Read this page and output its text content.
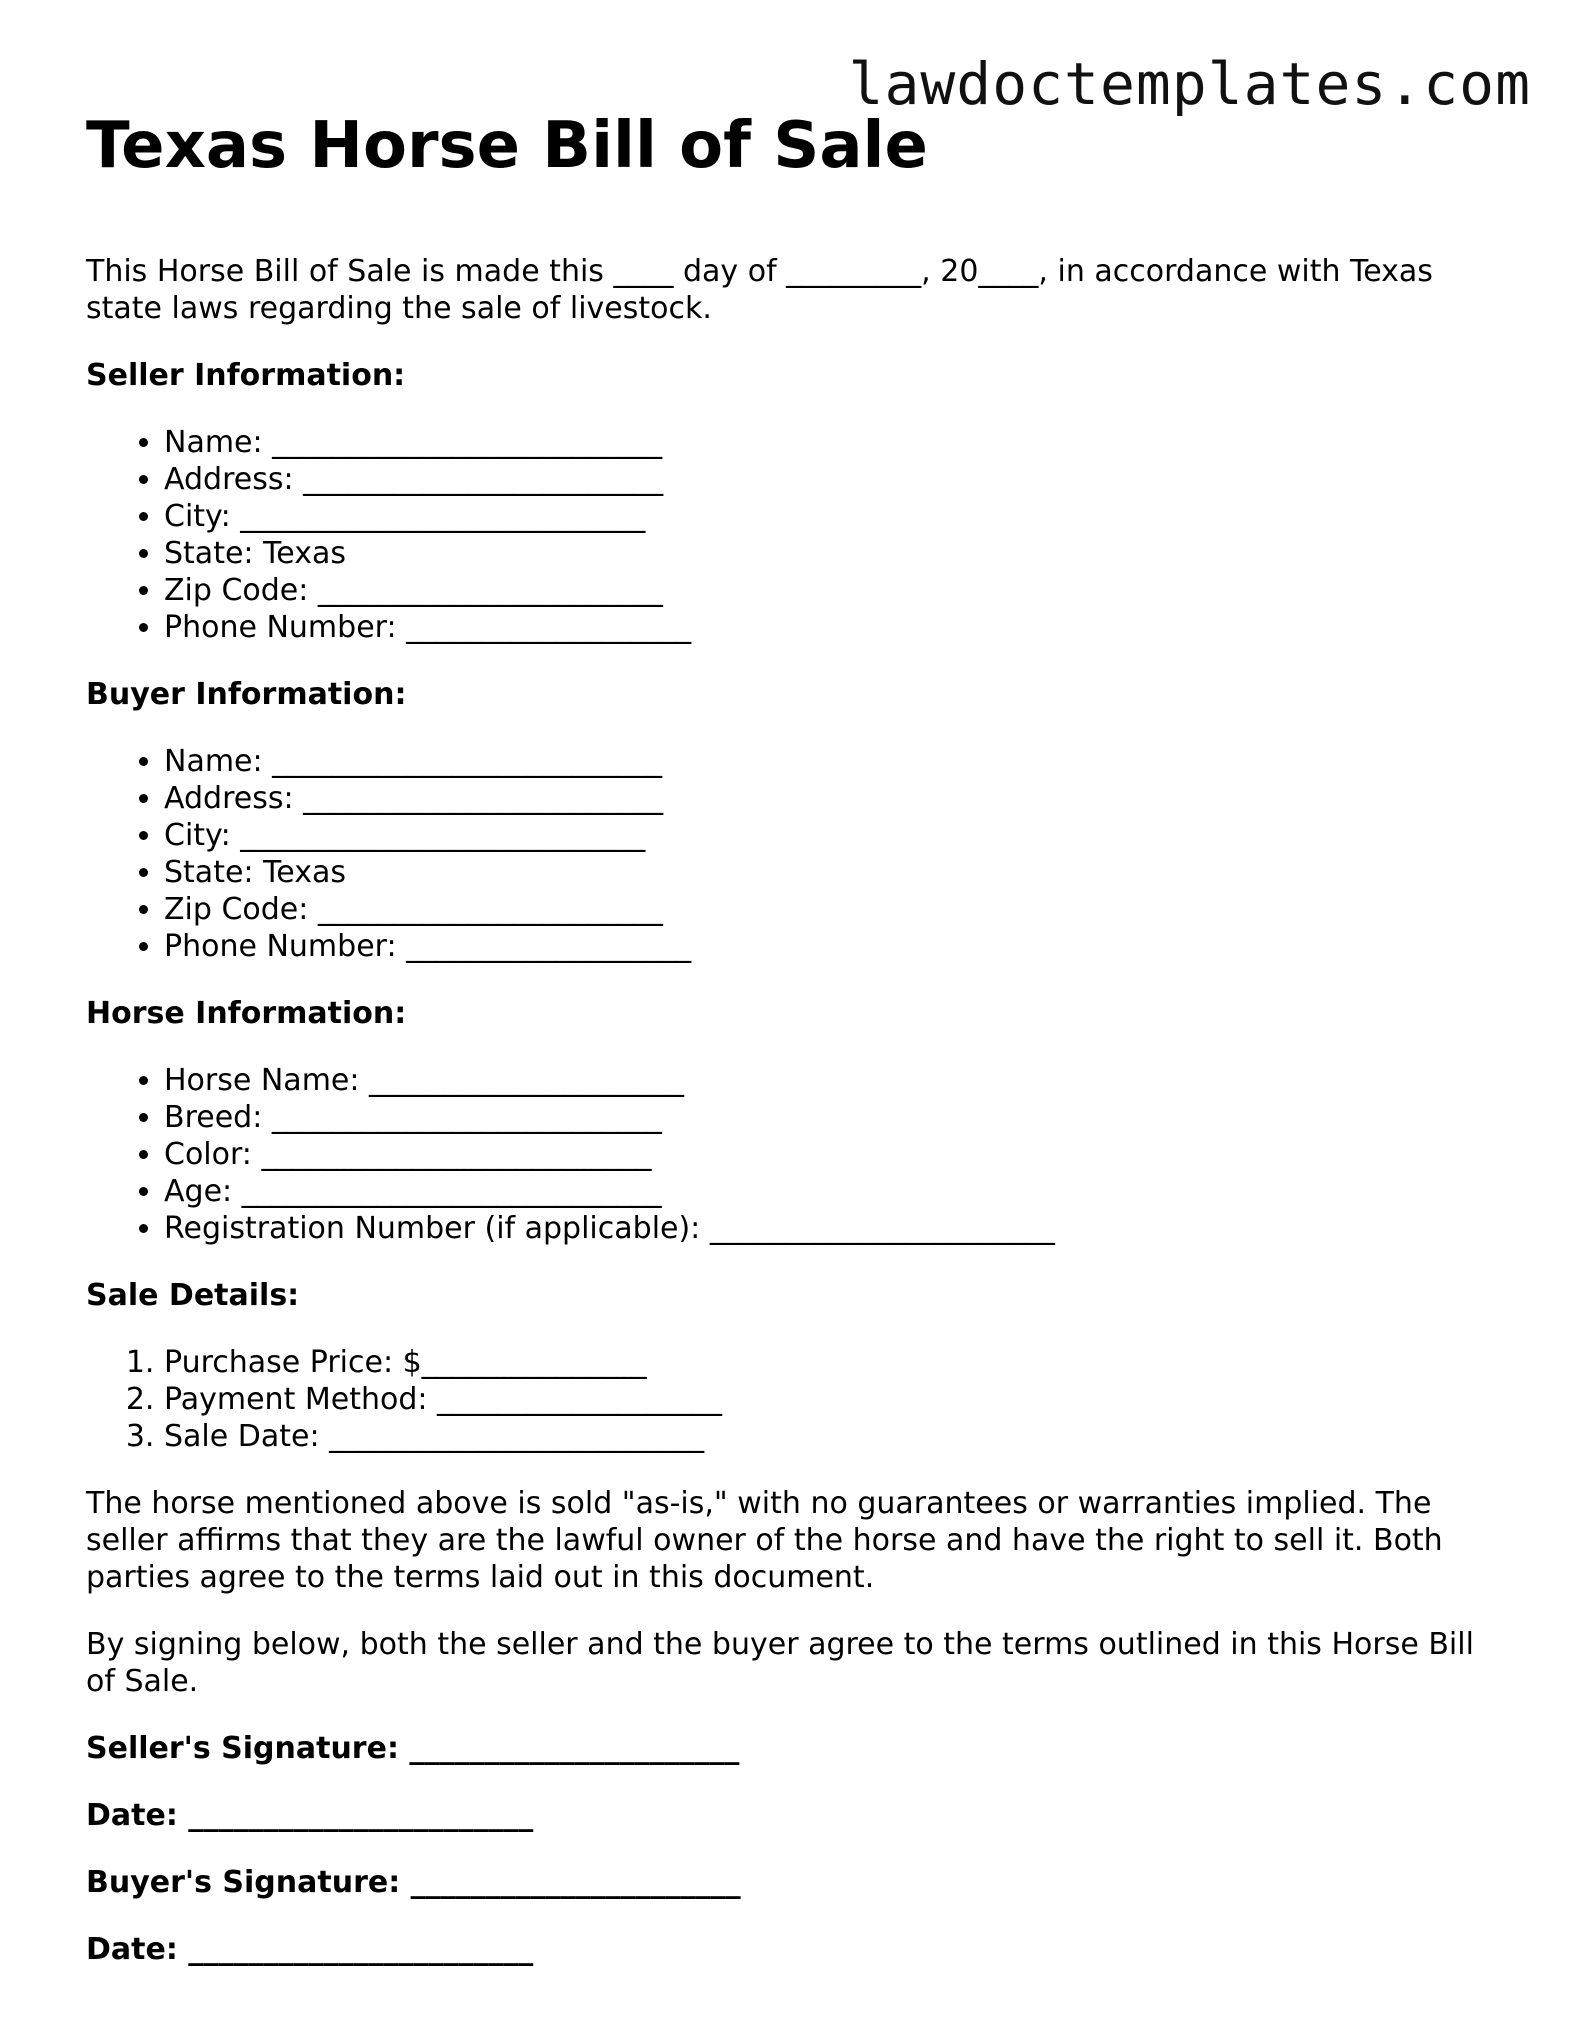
lawdoctemplates.com
Texas Horse Bill of Sale

This Horse Bill of Sale is made this ____ day of _________, 20____, in accordance with Texas state laws regarding the sale of livestock.

Seller Information:
• Name: __________________________
• Address: ________________________
• City: ___________________________
• State: Texas
• Zip Code: _______________________
• Phone Number: ___________________
Buyer Information:
• Name: __________________________
• Address: ________________________
• City: ___________________________
• State: Texas
• Zip Code: _______________________
• Phone Number: ___________________
Horse Information:
• Horse Name: _____________________
• Breed: __________________________
• Color: __________________________
• Age: ____________________________
• Registration Number (if applicable): _______________________
Sale Details:
1. Purchase Price: $_______________
2. Payment Method: ___________________
3. Sale Date: _________________________

The horse mentioned above is sold "as-is," with no guarantees or warranties implied. The seller affirms that they are the lawful owner of the horse and have the right to sell it. Both parties agree to the terms laid out in this document.

By signing below, both the seller and the buyer agree to the terms outlined in this Horse Bill of Sale.

Seller's Signature: ______________________
Date: _______________________
Buyer's Signature: ______________________
Date: _______________________
